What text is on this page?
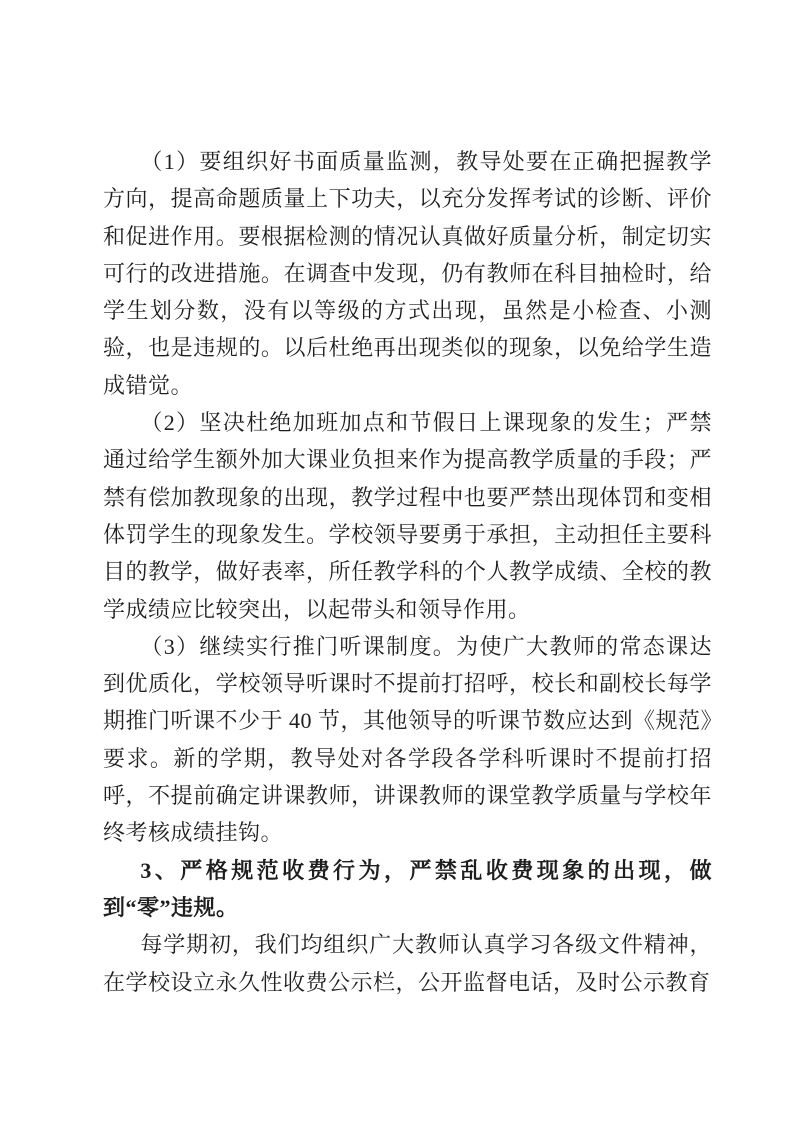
（1）要组织好书面质量监测，教导处要在正确把握教学方向，提高命题质量上下功夫，以充分发挥考试的诊断、评价和促进作用。要根据检测的情况认真做好质量分析，制定切实可行的改进措施。在调查中发现，仍有教师在科目抽检时，给学生划分数，没有以等级的方式出现，虽然是小检查、小测验，也是违规的。以后杜绝再出现类似的现象，以免给学生造成错觉。

（2）坚决杜绝加班加点和节假日上课现象的发生；严禁通过给学生额外加大课业负担来作为提高教学质量的手段；严禁有偿加教现象的出现，教学过程中也要严禁出现体罚和变相体罚学生的现象发生。学校领导要勇于承担，主动担任主要科目的教学，做好表率，所任教学科的个人教学成绩、全校的教学成绩应比较突出，以起带头和领导作用。

（3）继续实行推门听课制度。为使广大教师的常态课达到优质化，学校领导听课时不提前打招呼，校长和副校长每学期推门听课不少于 40 节，其他领导的听课节数应达到《规范》要求。新的学期，教导处对各学段各学科听课时不提前打招呼，不提前确定讲课教师，讲课教师的课堂教学质量与学校年终考核成绩挂钩。

3、严格规范收费行为，严禁乱收费现象的出现，做到“零”违规。

每学期初，我们均组织广大教师认真学习各级文件精神，在学校设立永久性收费公示栏，公开监督电话，及时公示教育
